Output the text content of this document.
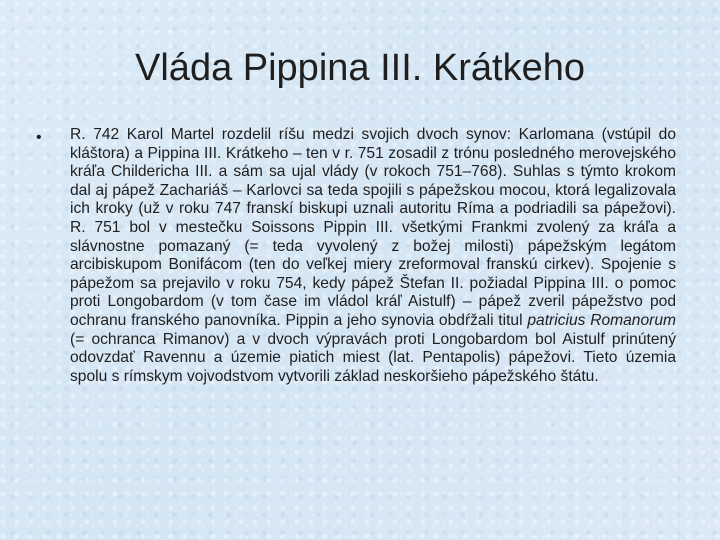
Vláda Pippina III. Krátkeho
•	R. 742 Karol Martel rozdelil ríšu medzi svojich dvoch synov: Karlomana (vstúpil do kláštora) a Pippina III. Krátkeho – ten v r. 751 zosadil z trónu posledného merovejského kráľa Childericha III. a sám sa ujal vlády (v rokoch 751–768). Suhlas s týmto krokom dal aj pápež Zachariáš – Karlovci sa teda spojili s pápežskou mocou, ktorá legalizovala ich kroky (už v roku 747 franskí biskupi uznali autoritu Ríma a podriadili sa pápežovi). R. 751 bol v mestečku Soissons Pippin III. všetkými Frankmi zvolený za kráľa a slávnostne pomazaný (= teda vyvolený z božej milosti) pápežským legátom arcibiskupom Bonifácom (ten do veľkej miery zreformoval franskú cirkev). Spojenie s pápežom sa prejavilo v roku 754, kedy pápež Štefan II. požiadal Pippina III. o pomoc proti Longobardom (v tom čase im vládol kráľ Aistulf) – pápež zveril pápežstvo pod ochranu franského panovníka. Pippin a jeho synovia obdŕžali titul patricius Romanorum (= ochranca Rimanov) a v dvoch výpravách proti Longobardom bol Aistulf prinútený odovzdať Ravennu a územie piatich miest (lat. Pentapolis) pápežovi. Tieto územia spolu s rímskym vojvodstvom vytvorili základ neskoršieho pápežského štátu.
